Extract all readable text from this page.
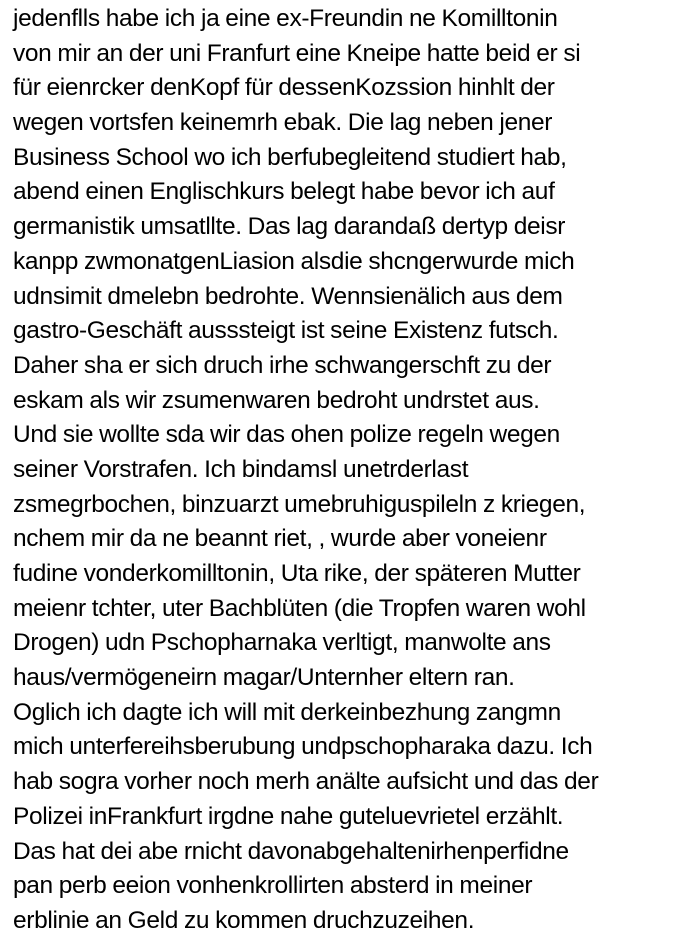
jedenflls habe ich ja eine ex-Freundin ne Komilltonin
von mir an der uni Franfurt eine Kneipe hatte beid er si
für eienrcker denKopf für dessenKozssion hinhlt der
wegen vortsfen keinemrh ebak. Die lag neben jener
Business School wo ich berfubegleitend studiert hab,
abend einen Englischkurs belegt habe bevor ich auf
germanistik umsatllte. Das lag darandaß dertyp deisr
kanpp zwmonatgenLiasion alsdie shcngerwurde mich
udnsimit dmelebn bedrohte. Wennsienälich aus dem
gastro-Geschäft ausssteigt ist seine Existenz futsch.
Daher sha er sich druch irhe schwangerschft zu der
eskam als wir zsumenwaren bedroht undrstet aus.
Und sie wollte sda wir das ohen polize regeln wegen
seiner Vorstrafen. Ich bindamsl unetrderlast
zsmegrbochen, binzuarzt umebruhiguspileln z kriegen,
nchem mir da ne beannt riet, , wurde aber voneienr
fudine vonderkomilltonin, Uta rike, der späteren Mutter
meienr tchter, uter Bachblüten (die Tropfen waren wohl
Drogen) udn Pschopharnaka verltigt, manwolte ans
haus/vermögeneirn magar/Unternher eltern ran.
Oglich ich dagte ich will mit derkeinbezhung zangmn
mich unterfereihsberubung undpschopharaka dazu. Ich
hab sogra vorher noch merh anälte aufsicht und das der
Polizei inFrankfurt irgdne nahe guteluevrietel erzählt.
Das hat dei abe rnicht davonabgehaltenirhenperfidne
pan perb eeion vonhenkrollirten absterd in meiner
erblinie an Geld zu kommen druchzuzeihen.
